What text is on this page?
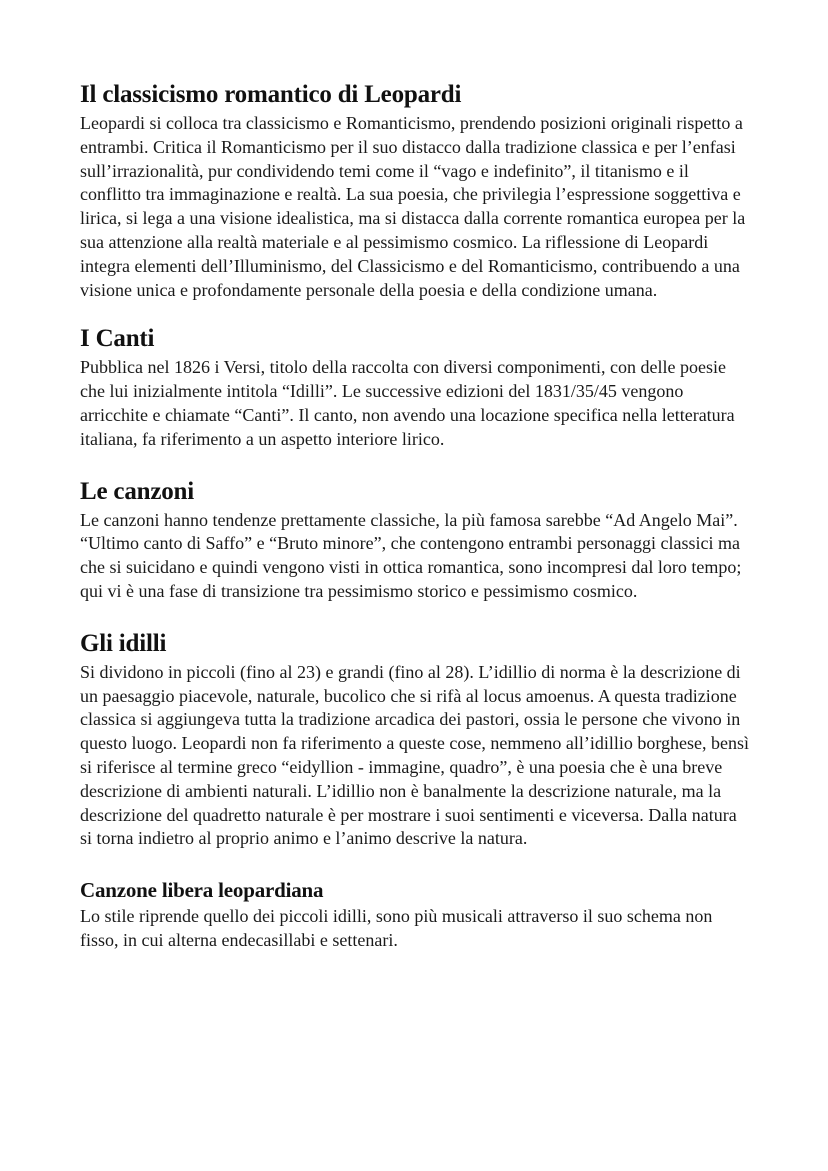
Il classicismo romantico di Leopardi

Leopardi si colloca tra classicismo e Romanticismo, prendendo posizioni originali rispetto a entrambi. Critica il Romanticismo per il suo distacco dalla tradizione classica e per l’enfasi sull’irrazionalità, pur condividendo temi come il “vago e indefinito”, il titanismo e il conflitto tra immaginazione e realtà. La sua poesia, che privilegia l’espressione soggettiva e lirica, si lega a una visione idealistica, ma si distacca dalla corrente romantica europea per la sua attenzione alla realtà materiale e al pessimismo cosmico. La riflessione di Leopardi integra elementi dell’Illuminismo, del Classicismo e del Romanticismo, contribuendo a una visione unica e profondamente personale della poesia e della condizione umana.

I Canti

Pubblica nel 1826 i Versi, titolo della raccolta con diversi componimenti, con delle poesie che lui inizialmente intitola “Idilli”. Le successive edizioni del 1831/35/45 vengono arricchite e chiamate “Canti”. Il canto, non avendo una locazione specifica nella letteratura italiana, fa riferimento a un aspetto interiore lirico.

Le canzoni

Le canzoni hanno tendenze prettamente classiche, la più famosa sarebbe “Ad Angelo Mai”. “Ultimo canto di Saffo” e “Bruto minore”, che contengono entrambi personaggi classici ma che si suicidano e quindi vengono visti in ottica romantica, sono incompresi dal loro tempo; qui vi è una fase di transizione tra pessimismo storico e pessimismo cosmico.

Gli idilli

Si dividono in piccoli (fino al 23) e grandi (fino al 28). L’idillio di norma è la descrizione di un paesaggio piacevole, naturale, bucolico che si rifà al locus amoenus. A questa tradizione classica si aggiungeva tutta la tradizione arcadica dei pastori, ossia le persone che vivono in questo luogo. Leopardi non fa riferimento a queste cose, nemmeno all’idillio borghese, bensì si riferisce al termine greco “eidyllion - immagine, quadro”, è una poesia che è una breve descrizione di ambienti naturali. L’idillio non è banalmente la descrizione naturale, ma la descrizione del quadretto naturale è per mostrare i suoi sentimenti e viceversa. Dalla natura si torna indietro al proprio animo e l’animo descrive la natura.

Canzone libera leopardiana

Lo stile riprende quello dei piccoli idilli, sono più musicali attraverso il suo schema non fisso, in cui alterna endecasillabi e settenari.
